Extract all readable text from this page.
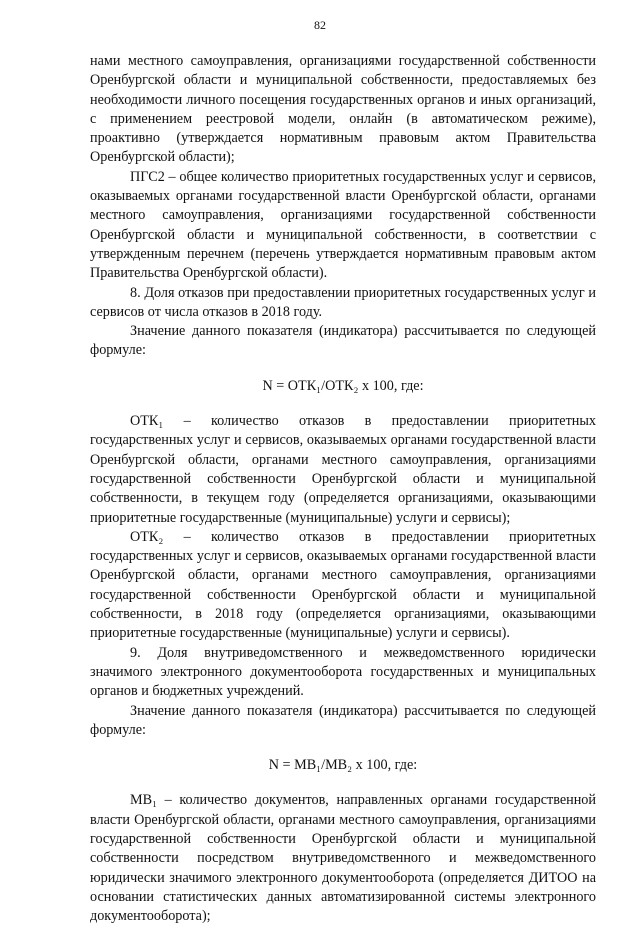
82

нами местного самоуправления, организациями государственной собственности Оренбургской области и муниципальной собственности, предоставляемых без необходимости личного посещения государственных органов и иных организаций, с применением реестровой модели, онлайн (в автоматическом режиме), проактивно (утверждается нормативным правовым актом Правительства Оренбургской области);

ПГС2 – общее количество приоритетных государственных услуг и сервисов, оказываемых органами государственной власти Оренбургской области, органами местного самоуправления, организациями государственной собственности Оренбургской области и муниципальной собственности, в соответствии с утвержденным перечнем (перечень утверждается нормативным правовым актом Правительства Оренбургской области).

8. Доля отказов при предоставлении приоритетных государственных услуг и сервисов от числа отказов в 2018 году.

Значение данного показателя (индикатора) рассчитывается по следующей формуле:

N = ОТК₁/ОТК₂ х 100, где:

ОТК₁ – количество отказов в предоставлении приоритетных государственных услуг и сервисов, оказываемых органами государственной власти Оренбургской области, органами местного самоуправления, организациями государственной собственности Оренбургской области и муниципальной собственности, в текущем году (определяется организациями, оказывающими приоритетные государственные (муниципальные) услуги и сервисы);

ОТК₂ – количество отказов в предоставлении приоритетных государственных услуг и сервисов, оказываемых органами государственной власти Оренбургской области, органами местного самоуправления, организациями государственной собственности Оренбургской области и муниципальной собственности, в 2018 году (определяется организациями, оказывающими приоритетные государственные (муниципальные) услуги и сервисы).

9. Доля внутриведомственного и межведомственного юридически значимого электронного документооборота государственных и муниципальных органов и бюджетных учреждений.

Значение данного показателя (индикатора) рассчитывается по следующей формуле:

N = МВ₁/МВ₂ х 100, где:

МВ₁ – количество документов, направленных органами государственной власти Оренбургской области, органами местного самоуправления, организациями государственной собственности Оренбургской области и муниципальной собственности посредством внутриведомственного и межведомственного юридически значимого электронного документооборота (определяется ДИТОО на основании статистических данных автоматизированной системы электронного документооборота);
